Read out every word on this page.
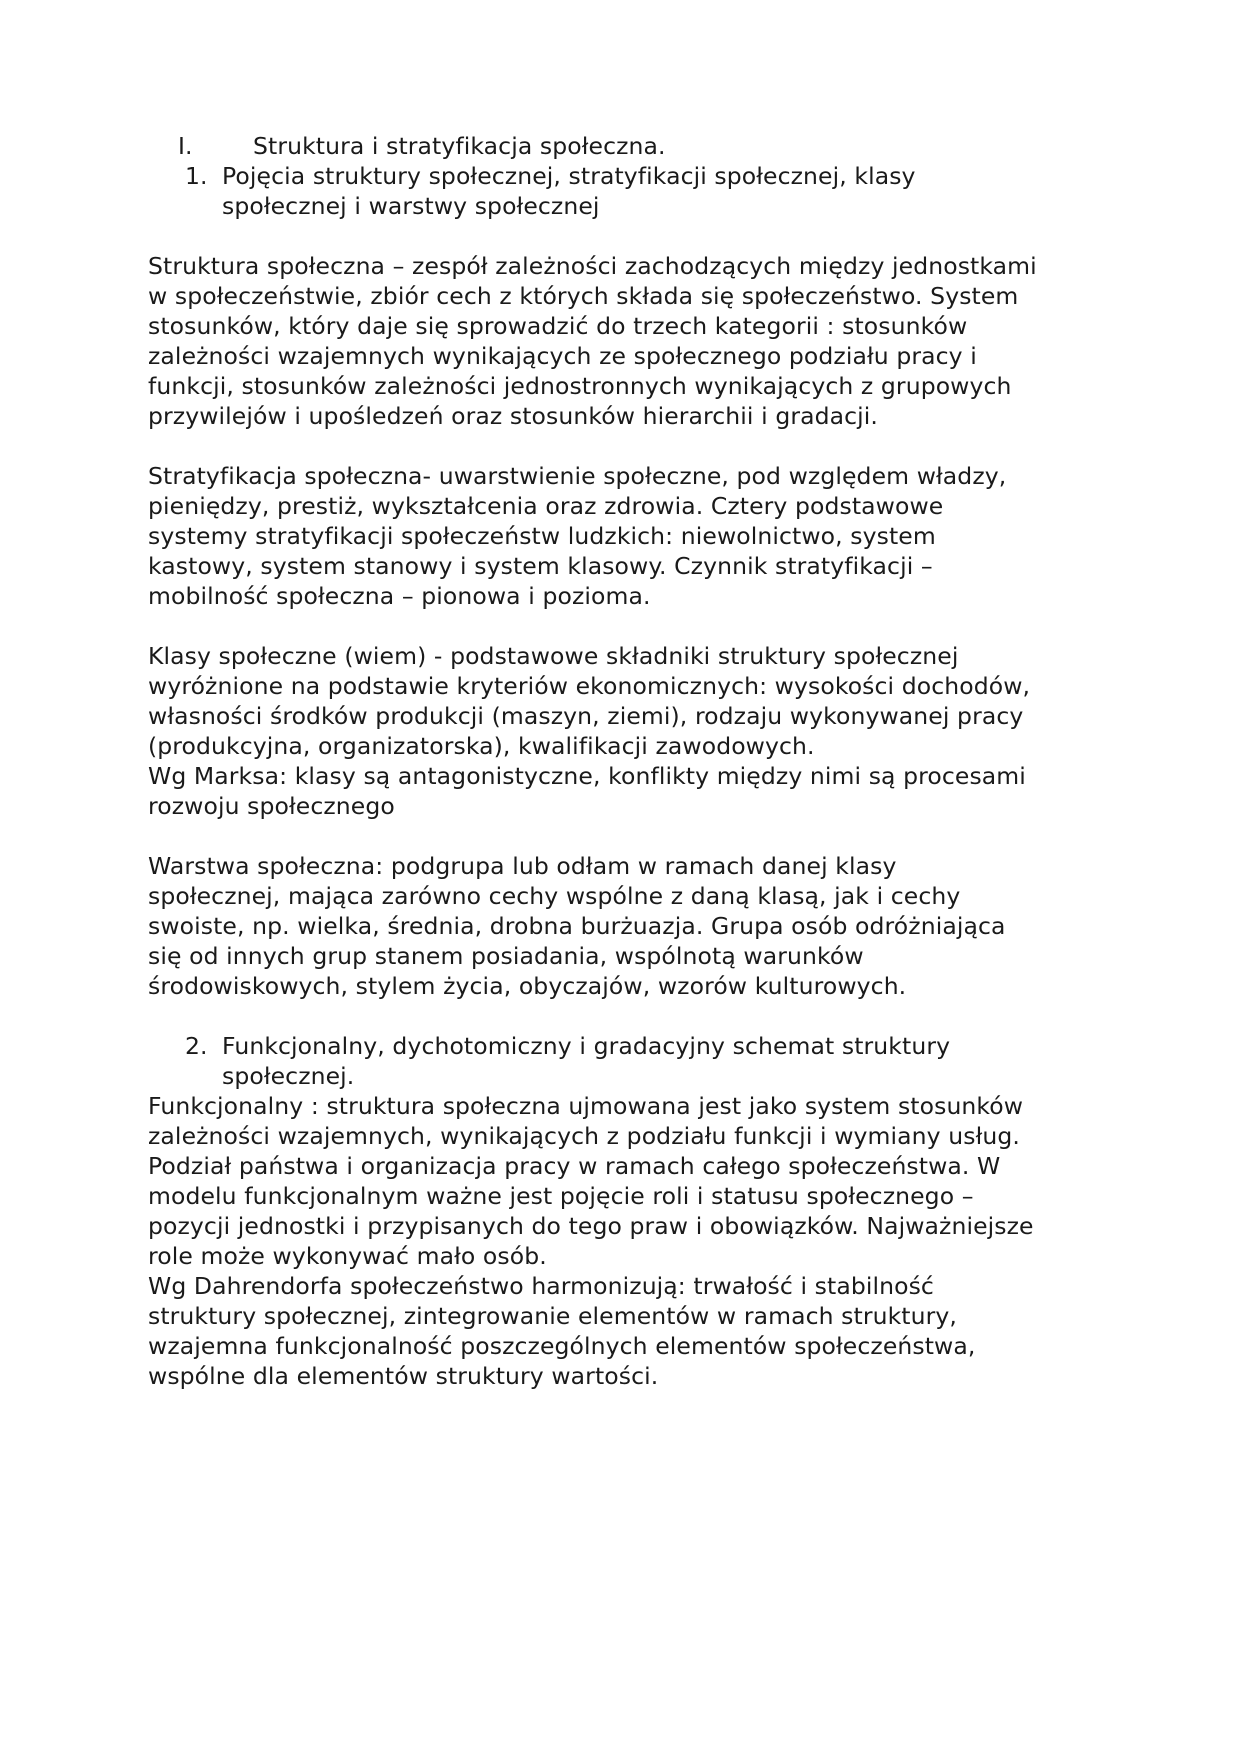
I.	Struktura i stratyfikacja społeczna.

1. Pojęcia struktury społecznej, stratyfikacji społecznej, klasy

społecznej i warstwy społecznej

Struktura społeczna – zespół zależności zachodzących między jednostkami

w społeczeństwie, zbiór cech z których składa się społeczeństwo. System

stosunków, który daje się sprowadzić do trzech kategorii : stosunków

zależności wzajemnych wynikających ze społecznego podziału pracy i

funkcji, stosunków zależności jednostronnych wynikających z grupowych

przywilejów i upośledzeń oraz stosunków hierarchii i gradacji.

Stratyfikacja społeczna- uwarstwienie społeczne, pod względem władzy,

pieniędzy, prestiż, wykształcenia oraz zdrowia. Cztery podstawowe

systemy stratyfikacji społeczeństw ludzkich: niewolnictwo, system

kastowy, system stanowy i system klasowy. Czynnik stratyfikacji –

mobilność społeczna – pionowa i pozioma.

Klasy społeczne (wiem) - podstawowe składniki struktury społecznej

wyróżnione na podstawie kryteriów ekonomicznych: wysokości dochodów,

własności środków produkcji (maszyn, ziemi), rodzaju wykonywanej pracy

(produkcyjna, organizatorska), kwalifikacji zawodowych.

Wg Marksa: klasy są antagonistyczne, konflikty między nimi są procesami

rozwoju społecznego

Warstwa społeczna: podgrupa lub odłam w ramach danej klasy

społecznej, mająca zarówno cechy wspólne z daną klasą, jak i cechy

swoiste, np. wielka, średnia, drobna burżuazja. Grupa osób odróżniająca

się od innych grup stanem posiadania, wspólnotą warunków

środowiskowych, stylem życia, obyczajów, wzorów kulturowych.

2. Funkcjonalny, dychotomiczny i gradacyjny schemat struktury

społecznej.

Funkcjonalny : struktura społeczna ujmowana jest jako system stosunków

zależności wzajemnych, wynikających z podziału funkcji i wymiany usług.

Podział państwa i organizacja pracy w ramach całego społeczeństwa. W

modelu funkcjonalnym ważne jest pojęcie roli i statusu społecznego –

pozycji jednostki i przypisanych do tego praw i obowiązków. Najważniejsze

role może wykonywać mało osób.

Wg Dahrendorfa społeczeństwo harmonizują: trwałość i stabilność

struktury społecznej, zintegrowanie elementów w ramach struktury,

wzajemna funkcjonalność poszczególnych elementów społeczeństwa,

wspólne dla elementów struktury wartości.
